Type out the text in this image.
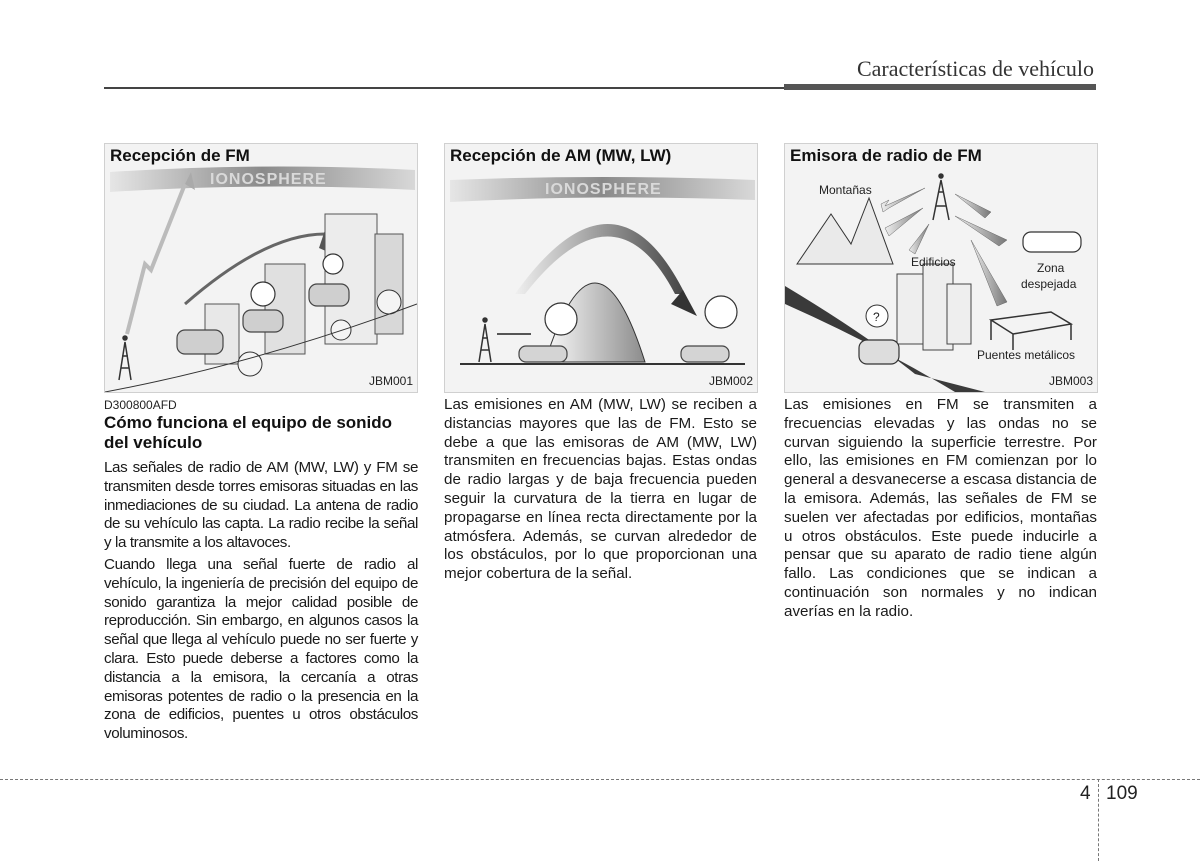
Características de vehículo
IONOSPHERE
Recepción de FM
JBM001
IONOSPHERE
Recepción de AM (MW, LW)
JBM002
Montañas
Zona
despejada
Edificios
Puentes metálicos
?
Emisora de radio de FM
JBM003
D300800AFD
Cómo funciona el equipo de sonido del vehículo

Las señales de radio de AM (MW, LW) y FM se transmiten desde torres emisoras situadas en las inmediaciones de su ciudad. La antena de radio de su vehículo las capta. La radio recibe la señal y la transmite a los altavoces.

Cuando llega una señal fuerte de radio al vehículo, la ingeniería de precisión del equipo de sonido garantiza la mejor calidad posible de reproducción. Sin embargo, en algunos casos la señal que llega al vehículo puede no ser fuerte y clara. Esto puede deberse a factores como la distancia a la emisora, la cercanía a otras emisoras potentes de radio o la presencia en la zona de edificios, puentes u otros obstáculos voluminosos.

Las emisiones en AM (MW, LW) se reciben a distancias mayores que las de FM. Esto se debe a que las emisoras de AM (MW, LW) transmiten en frecuencias bajas. Estas ondas de radio largas y de baja frecuencia pueden seguir la curvatura de la tierra en lugar de propagarse en línea recta directamente por la atmósfera. Además, se curvan alrededor de los obstáculos, por lo que proporcionan una mejor cobertura de la señal.

Las emisiones en FM se transmiten a frecuencias elevadas y las ondas no se curvan siguiendo la superficie terrestre. Por ello, las emisiones en FM comienzan por lo general a desvanecerse a escasa distancia de la emisora. Además, las señales de FM se suelen ver afectadas por edificios, montañas u otros obstáculos. Este puede inducirle a pensar que su aparato de radio tiene algún fallo. Las condiciones que se indican a continuación son normales y no indican averías en la radio.

4 109
